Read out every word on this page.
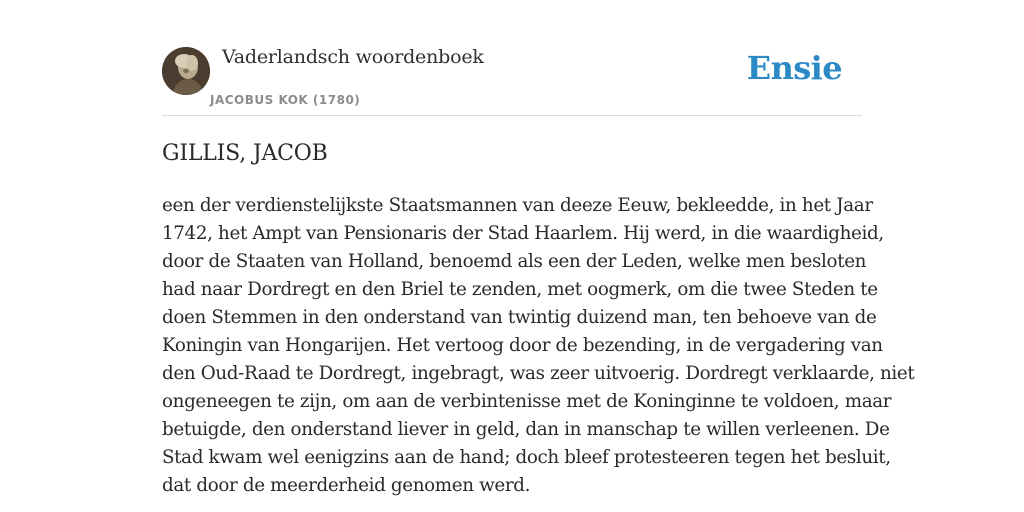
Vaderlandsch woordenboek
JACOBUS KOK (1780)
Ensie
GILLIS, JACOB
een der verdienstelijkste Staatsmannen van deeze Eeuw, bekleedde, in het Jaar
1742, het Ampt van Pensionaris der Stad Haarlem. Hij werd, in die waardigheid,
door de Staaten van Holland, benoemd als een der Leden, welke men besloten
had naar Dordregt en den Briel te zenden, met oogmerk, om die twee Steden te
doen Stemmen in den onderstand van twintig duizend man, ten behoeve van de
Koningin van Hongarijen. Het vertoog door de bezending, in de vergadering van
den Oud-Raad te Dordregt, ingebragt, was zeer uitvoerig. Dordregt verklaarde, niet
ongeneegen te zijn, om aan de verbintenisse met de Koninginne te voldoen, maar
betuigde, den onderstand liever in geld, dan in manschap te willen verleenen. De
Stad kwam wel eenigzins aan de hand; doch bleef protesteeren tegen het besluit,
dat door de meerderheid genomen werd.
